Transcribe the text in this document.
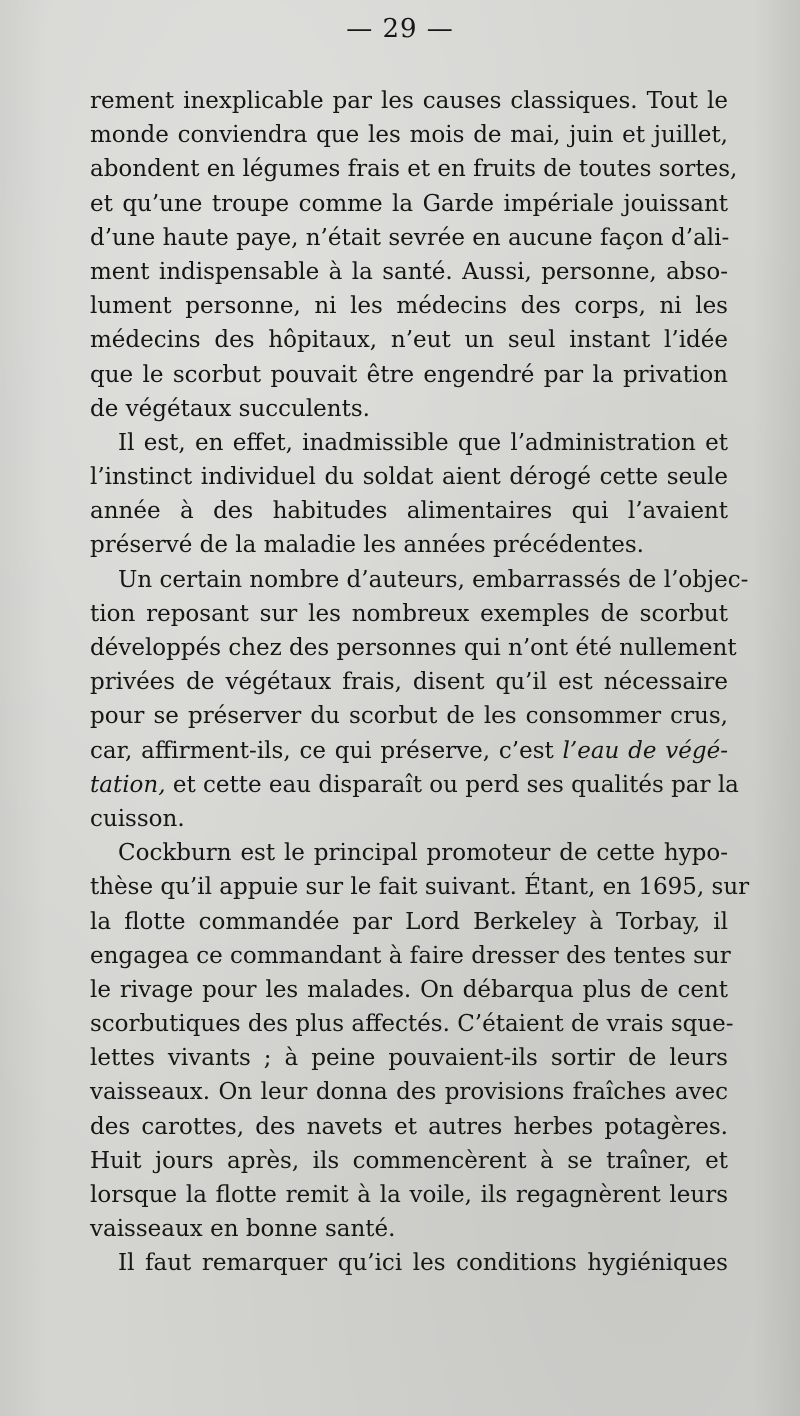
— 29 —
rement inexplicable par les causes classiques. Tout le
monde conviendra que les mois de mai, juin et juillet,
abondent en légumes frais et en fruits de toutes sortes,
et qu’une troupe comme la Garde impériale jouissant
d’une haute paye, n’était sevrée en aucune façon d’ali-
ment indispensable à la santé. Aussi, personne, abso-
lument personne, ni les médecins des corps, ni les
médecins des hôpitaux, n’eut un seul instant l’idée
que le scorbut pouvait être engendré par la privation
de végétaux succulents.
Il est, en effet, inadmissible que l’administration et
l’instinct individuel du soldat aient dérogé cette seule
année à des habitudes alimentaires qui l’avaient
préservé de la maladie les années précédentes.
Un certain nombre d’auteurs, embarrassés de l’objec-
tion reposant sur les nombreux exemples de scorbut
développés chez des personnes qui n’ont été nullement
privées de végétaux frais, disent qu’il est nécessaire
pour se préserver du scorbut de les consommer crus,
car, affirment-ils, ce qui préserve, c’est l’eau de végé-
tation, et cette eau disparaît ou perd ses qualités par la
cuisson.
Cockburn est le principal promoteur de cette hypo-
thèse qu’il appuie sur le fait suivant. Étant, en 1695, sur
la flotte commandée par Lord Berkeley à Torbay, il
engagea ce commandant à faire dresser des tentes sur
le rivage pour les malades. On débarqua plus de cent
scorbutiques des plus affectés. C’étaient de vrais sque-
lettes vivants ; à peine pouvaient-ils sortir de leurs
vaisseaux. On leur donna des provisions fraîches avec
des carottes, des navets et autres herbes potagères.
Huit jours après, ils commencèrent à se traîner, et
lorsque la flotte remit à la voile, ils regagnèrent leurs
vaisseaux en bonne santé.
Il faut remarquer qu’ici les conditions hygiéniques
